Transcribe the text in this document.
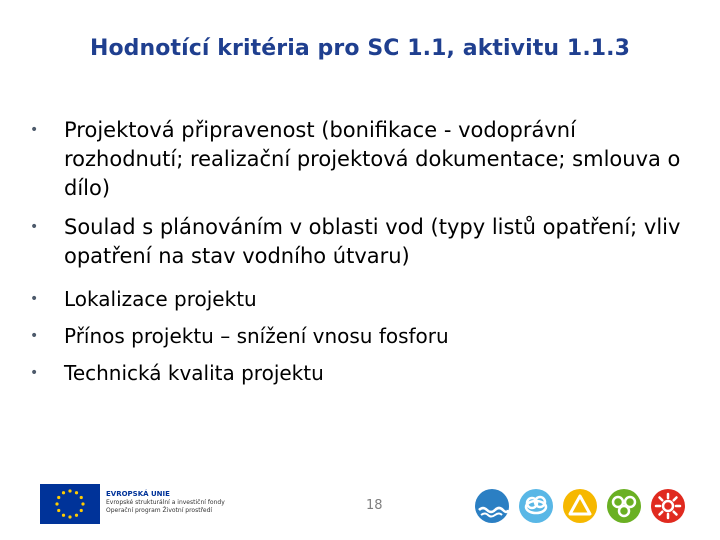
Hodnotící kritéria pro SC 1.1, aktivitu 1.1.3
• Projektová připravenost (bonifikace - vodoprávní rozhodnutí; realizační projektová dokumentace; smlouva o dílo)
• Soulad s plánováním v oblasti vod (typy listů opatření; vliv opatření na stav vodního útvaru)
• Lokalizace projektu
• Přínos projektu – snížení vnosu fosforu
• Technická kvalita projektu
EVROPSKÁ UNIE
Evropské strukturální a investiční fondy
Operační program Životní prostředí	18
